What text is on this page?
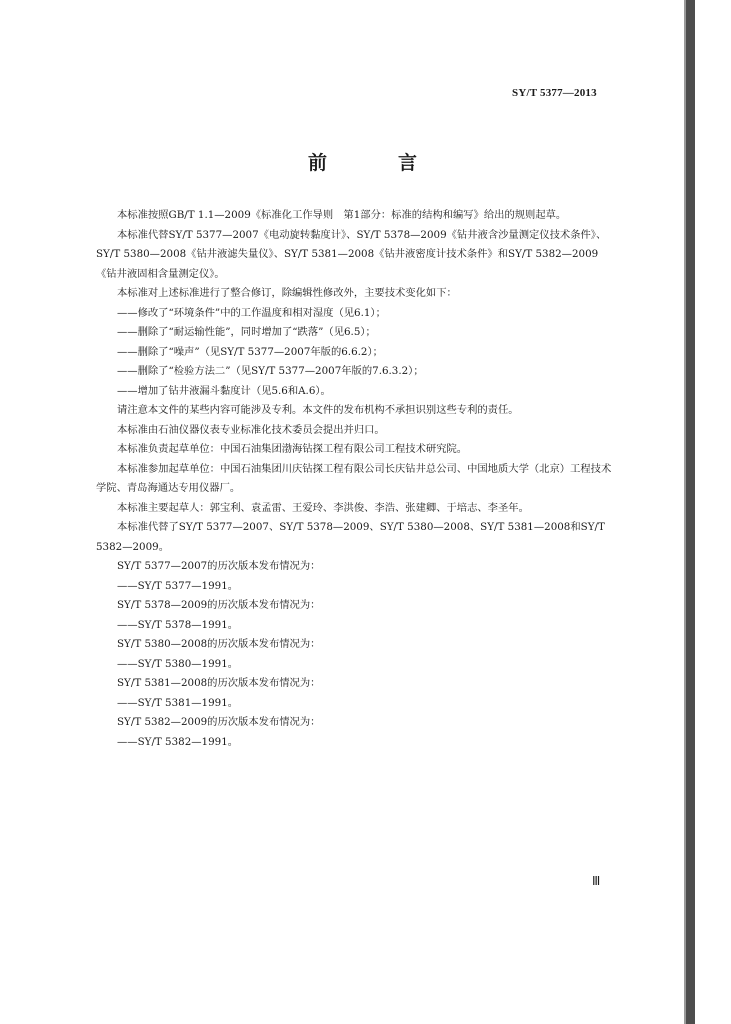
SY/T 5377—2013
前　言

本标准按照GB/T 1.1—2009《标准化工作导则　第1部分：标准的结构和编写》给出的规则起草。

本标准代替SY/T 5377—2007《电动旋转黏度计》、SY/T 5378—2009《钻井液含沙量测定仪技术条件》、SY/T 5380—2008《钻井液滤失量仪》、SY/T 5381—2008《钻井液密度计技术条件》和SY/T 5382—2009《钻井液固相含量测定仪》。

本标准对上述标准进行了整合修订，除编辑性修改外，主要技术变化如下：

——修改了“环境条件”中的工作温度和相对湿度（见6.1）；

——删除了“耐运输性能”，同时增加了“跌落”（见6.5）；

——删除了“噪声”（见SY/T 5377—2007年版的6.6.2）；

——删除了“检验方法二”（见SY/T 5377—2007年版的7.6.3.2）；

——增加了钻井液漏斗黏度计（见5.6和A.6）。

请注意本文件的某些内容可能涉及专利。本文件的发布机构不承担识别这些专利的责任。

本标准由石油仪器仪表专业标准化技术委员会提出并归口。

本标准负责起草单位：中国石油集团渤海钻探工程有限公司工程技术研究院。

本标准参加起草单位：中国石油集团川庆钻探工程有限公司长庆钻井总公司、中国地质大学（北京）工程技术学院、青岛海通达专用仪器厂。

本标准主要起草人：郭宝利、袁孟雷、王爱玲、李洪俊、李浩、张建卿、于培志、李圣年。

本标准代替了SY/T 5377—2007、SY/T 5378—2009、SY/T 5380—2008、SY/T 5381—2008和SY/T 5382—2009。

SY/T 5377—2007的历次版本发布情况为：

——SY/T 5377—1991。

SY/T 5378—2009的历次版本发布情况为：

——SY/T 5378—1991。

SY/T 5380—2008的历次版本发布情况为：

——SY/T 5380—1991。

SY/T 5381—2008的历次版本发布情况为：

——SY/T 5381—1991。

SY/T 5382—2009的历次版本发布情况为：

——SY/T 5382—1991。

Ⅲ
